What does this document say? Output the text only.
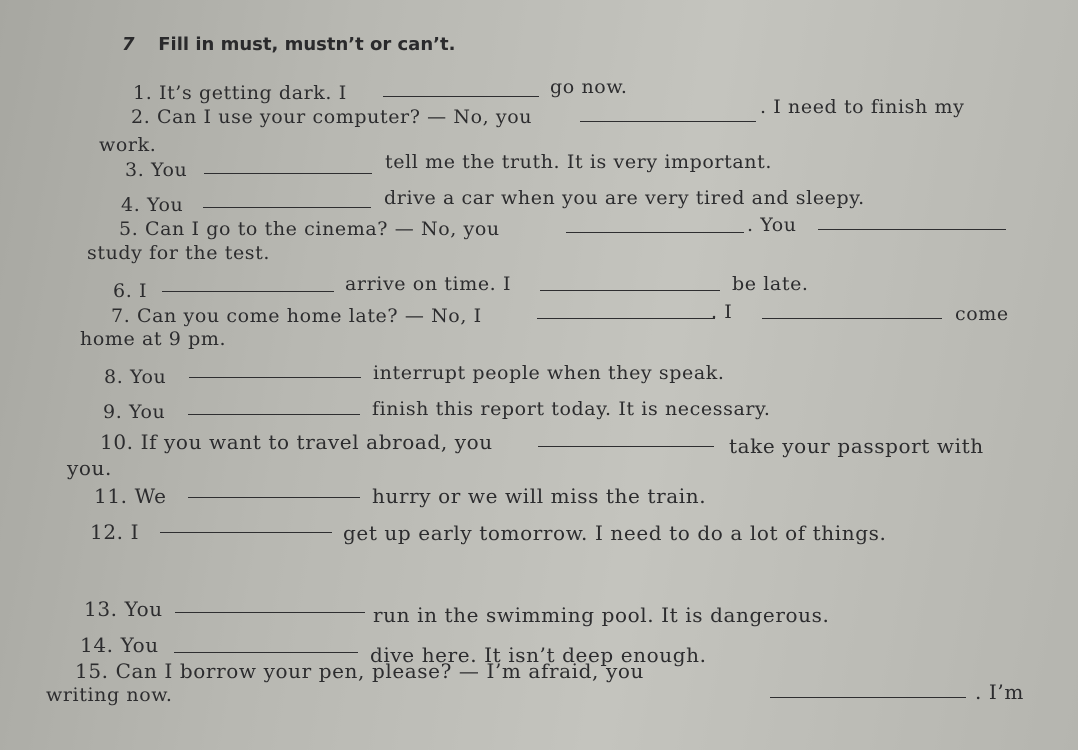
7 Fill in must, mustn’t or can’t.
1. It’s getting dark. I	go now.
2. Can I use your computer? — No, you	. I need to finish my
work.
3. You	tell me the truth. It is very important.
4. You	drive a car when you are very tired and sleepy.
5. Can I go to the cinema? — No, you	. You
study for the test.
6. I	arrive on time. I	be late.
7. Can you come home late? — No, I	. I	come
home at 9 pm.
8. You	interrupt people when they speak.
9. You	finish this report today. It is necessary.
10. If you want to travel abroad, you	take your passport with
you.
11. We	hurry or we will miss the train.
12. I	get up early tomorrow. I need to do a lot of things.
13. You	run in the swimming pool. It is dangerous.
14. You	dive here. It isn’t deep enough.
15. Can I borrow your pen, please? — I’m afraid, you
. I’m
writing now.
